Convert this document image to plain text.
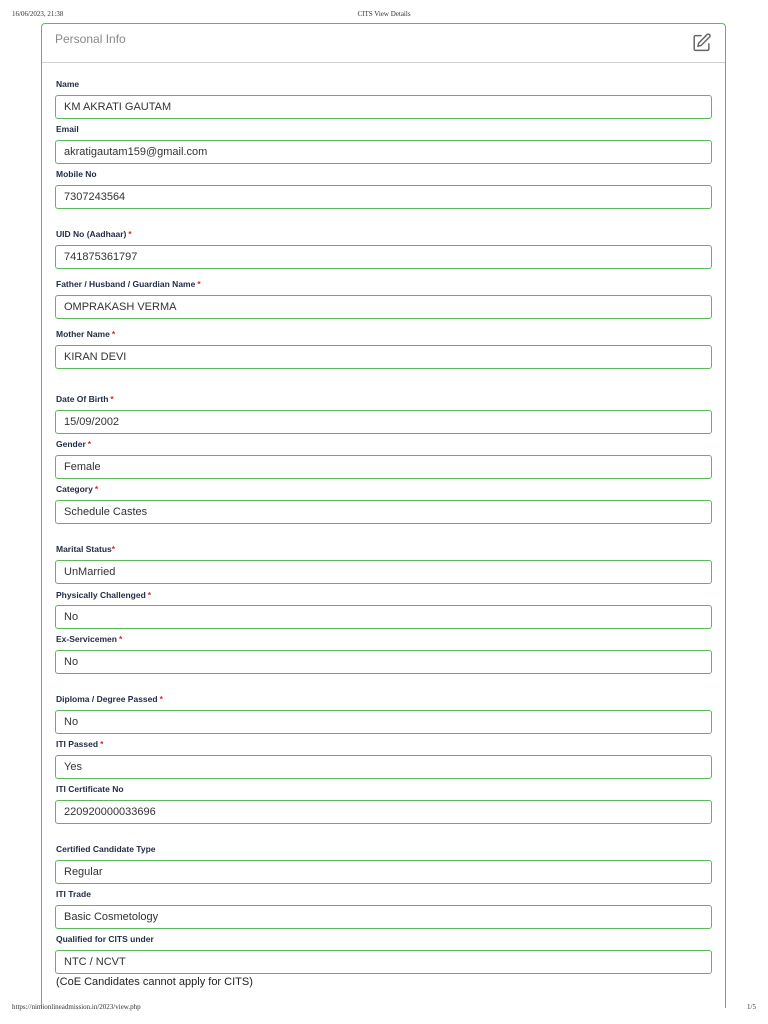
16/06/2023, 21:38	CITS View Details
Personal Info
Name
KM AKRATI GAUTAM
Email
akratigautam159@gmail.com
Mobile No
7307243564
UID No (Aadhaar) *
741875361797
Father / Husband / Guardian Name *
OMPRAKASH VERMA
Mother Name *
KIRAN DEVI
Date Of Birth *
15/09/2002
Gender *
Female
Category *
Schedule Castes
Marital Status*
UnMarried
Physically Challenged *
No
Ex-Servicemen *
No
Diploma / Degree Passed *
No
ITI Passed *
Yes
ITI Certificate No
220920000033696
Certified Candidate Type
Regular
ITI Trade
Basic Cosmetology
Qualified for CITS under
NTC / NCVT
(CoE Candidates cannot apply for CITS)
https://nimionlineadmission.in/2023/view.php	1/5
